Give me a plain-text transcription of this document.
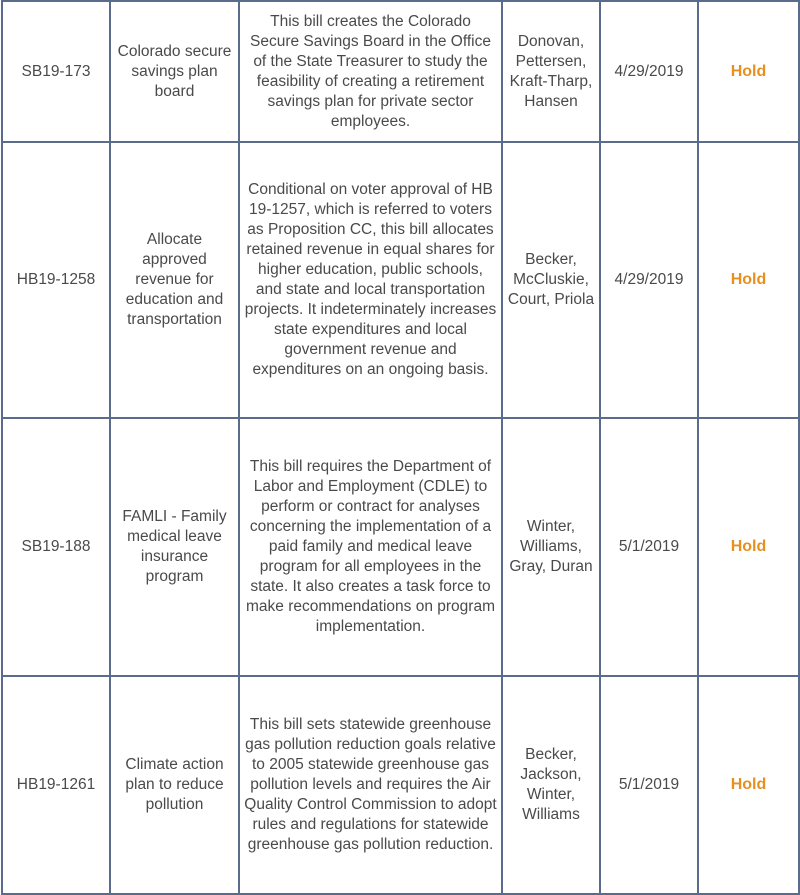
SB19-173	Colorado secure savings plan board	This bill creates the Colorado Secure Savings Board in the Office of the State Treasurer to study the feasibility of creating a retirement savings plan for private sector employees.	Donovan, Pettersen, Kraft-Tharp, Hansen	4/29/2019	Hold
HB19-1258	Allocate approved revenue for education and transportation	Conditional on voter approval of HB 19-1257, which is referred to voters as Proposition CC, this bill allocates retained revenue in equal shares for higher education, public schools, and state and local transportation projects. It indeterminately increases state expenditures and local government revenue and expenditures on an ongoing basis.	Becker, McCluskie, Court, Priola	4/29/2019	Hold
SB19-188	FAMLI - Family medical leave insurance program	This bill requires the Department of Labor and Employment (CDLE) to perform or contract for analyses concerning the implementation of a paid family and medical leave program for all employees in the state. It also creates a task force to make recommendations on program implementation.	Winter, Williams, Gray, Duran	5/1/2019	Hold
HB19-1261	Climate action plan to reduce pollution	This bill sets statewide greenhouse gas pollution reduction goals relative to 2005 statewide greenhouse gas pollution levels and requires the Air Quality Control Commission to adopt rules and regulations for statewide greenhouse gas pollution reduction.	Becker, Jackson, Winter, Williams	5/1/2019	Hold
